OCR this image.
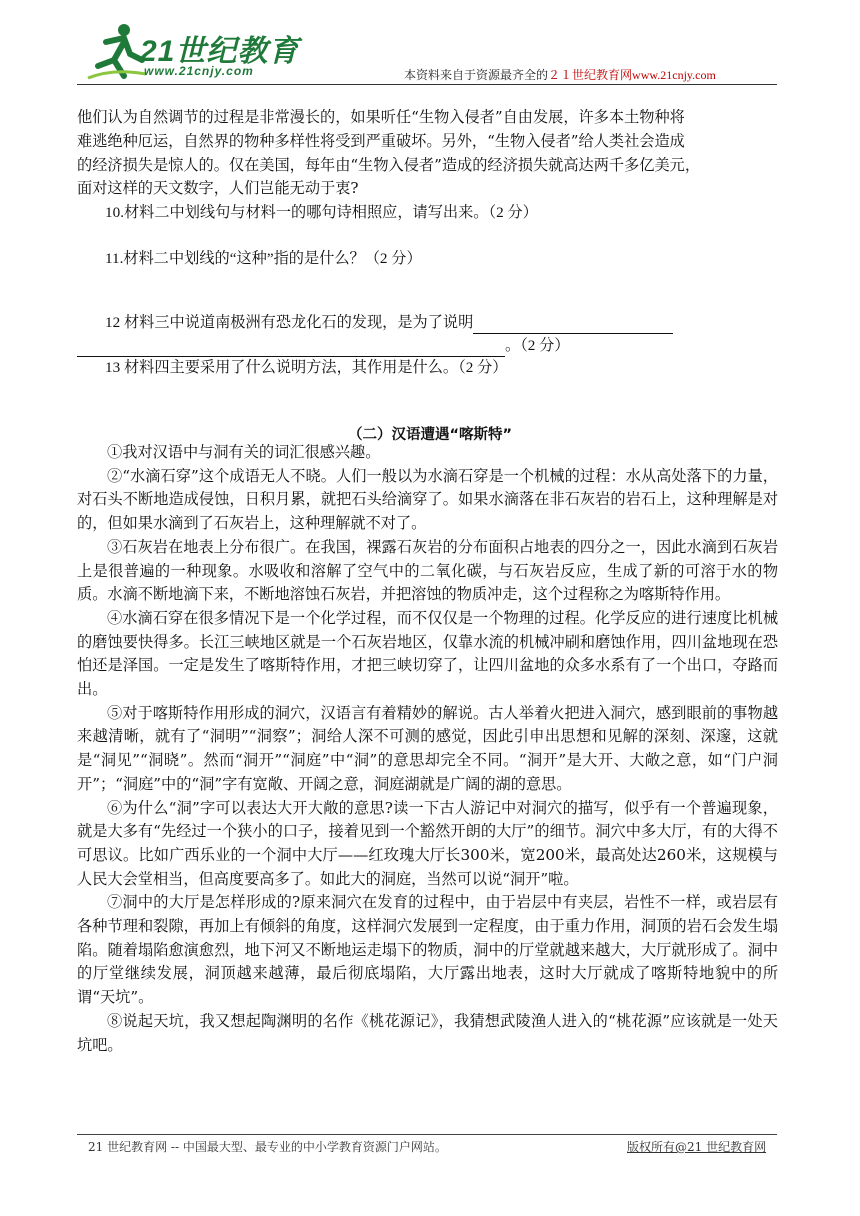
21世纪教育
www.21cnjy.com	本资料来自于资源最齐全的２１世纪教育网www.21cnjy.com
他们认为自然调节的过程是非常漫长的，如果听任“生物入侵者”自由发展，许多本土物种将
难逃绝种厄运，自然界的物种多样性将受到严重破坏。另外，“生物入侵者”给人类社会造成
的经济损失是惊人的。仅在美国，每年由“生物入侵者”造成的经济损失就高达两千多亿美元，
面对这样的天文数字，人们岂能无动于衷?
10.材料二中划线句与材料一的哪句诗相照应，请写出来。（2 分）
11.材料二中划线的“这种”指的是什么？（2 分）
12 材料三中说道南极洲有恐龙化石的发现，是为了说明
。（2 分）
13 材料四主要采用了什么说明方法，其作用是什么。（2 分）
（二）汉语遭遇“喀斯特”

①我对汉语中与洞有关的词汇很感兴趣。

②“水滴石穿”这个成语无人不晓。人们一般以为水滴石穿是一个机械的过程：水从高处落下的力量，对石头不断地造成侵蚀，日积月累，就把石头给滴穿了。如果水滴落在非石灰岩的岩石上，这种理解是对的，但如果水滴到了石灰岩上，这种理解就不对了。

③石灰岩在地表上分布很广。在我国，裸露石灰岩的分布面积占地表的四分之一，因此水滴到石灰岩上是很普遍的一种现象。水吸收和溶解了空气中的二氧化碳，与石灰岩反应，生成了新的可溶于水的物质。水滴不断地滴下来，不断地溶蚀石灰岩，并把溶蚀的物质冲走，这个过程称之为喀斯特作用。

④水滴石穿在很多情况下是一个化学过程，而不仅仅是一个物理的过程。化学反应的进行速度比机械的磨蚀要快得多。长江三峡地区就是一个石灰岩地区，仅靠水流的机械冲刷和磨蚀作用，四川盆地现在恐怕还是泽国。一定是发生了喀斯特作用，才把三峡切穿了，让四川盆地的众多水系有了一个出口，夺路而出。

⑤对于喀斯特作用形成的洞穴，汉语言有着精妙的解说。古人举着火把进入洞穴，感到眼前的事物越来越清晰，就有了“洞明”“洞察”；洞给人深不可测的感觉，因此引申出思想和见解的深刻、深邃，这就是“洞见”“洞晓”。然而“洞开”“洞庭”中“洞”的意思却完全不同。“洞开”是大开、大敞之意，如“门户洞开”；“洞庭”中的“洞”字有宽敞、开阔之意，洞庭湖就是广阔的湖的意思。

⑥为什么“洞”字可以表达大开大敞的意思?读一下古人游记中对洞穴的描写，似乎有一个普遍现象，就是大多有“先经过一个狭小的口子，接着见到一个豁然开朗的大厅”的细节。洞穴中多大厅，有的大得不可思议。比如广西乐业的一个洞中大厅——红玫瑰大厅长300米，宽200米，最高处达260米，这规模与人民大会堂相当，但高度要高多了。如此大的洞庭，当然可以说“洞开”啦。

⑦洞中的大厅是怎样形成的?原来洞穴在发育的过程中，由于岩层中有夹层，岩性不一样，或岩层有各种节理和裂隙，再加上有倾斜的角度，这样洞穴发展到一定程度，由于重力作用，洞顶的岩石会发生塌陷。随着塌陷愈演愈烈，地下河又不断地运走塌下的物质，洞中的厅堂就越来越大，大厅就形成了。洞中的厅堂继续发展，洞顶越来越薄，最后彻底塌陷，大厅露出地表，这时大厅就成了喀斯特地貌中的所谓“天坑”。

⑧说起天坑，我又想起陶渊明的名作《桃花源记》，我猜想武陵渔人进入的“桃花源”应该就是一处天坑吧。

21 世纪教育网 -- 中国最大型、最专业的中小学教育资源门户网站。	版权所有@21 世纪教育网
